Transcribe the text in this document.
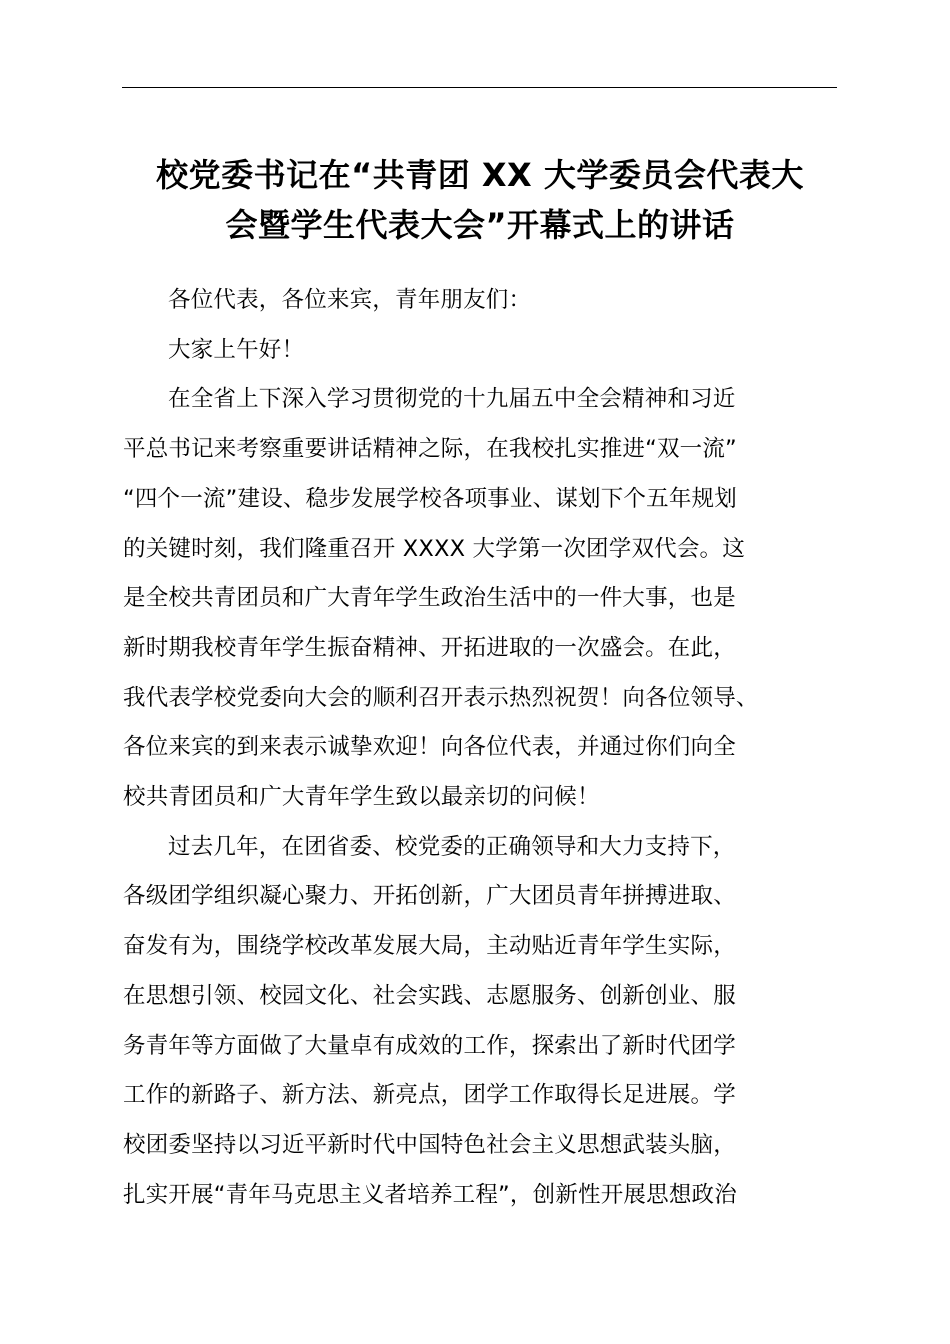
校党委书记在“共青团 XX 大学委员会代表大
会暨学生代表大会”开幕式上的讲话

各位代表，各位来宾，青年朋友们：

大家上午好！

在全省上下深入学习贯彻党的十九届五中全会精神和习近
平总书记来考察重要讲话精神之际，在我校扎实推进“双一流”
“四个一流”建设、稳步发展学校各项事业、谋划下个五年规划
的关键时刻，我们隆重召开 XXXX 大学第一次团学双代会。这
是全校共青团员和广大青年学生政治生活中的一件大事，也是
新时期我校青年学生振奋精神、开拓进取的一次盛会。在此，
我代表学校党委向大会的顺利召开表示热烈祝贺！向各位领导、
各位来宾的到来表示诚挚欢迎！向各位代表，并通过你们向全
校共青团员和广大青年学生致以最亲切的问候！

过去几年，在团省委、校党委的正确领导和大力支持下，
各级团学组织凝心聚力、开拓创新，广大团员青年拼搏进取、
奋发有为，围绕学校改革发展大局，主动贴近青年学生实际，
在思想引领、校园文化、社会实践、志愿服务、创新创业、服
务青年等方面做了大量卓有成效的工作，探索出了新时代团学
工作的新路子、新方法、新亮点，团学工作取得长足进展。学
校团委坚持以习近平新时代中国特色社会主义思想武装头脑，
扎实开展“青年马克思主义者培养工程”，创新性开展思想政治
